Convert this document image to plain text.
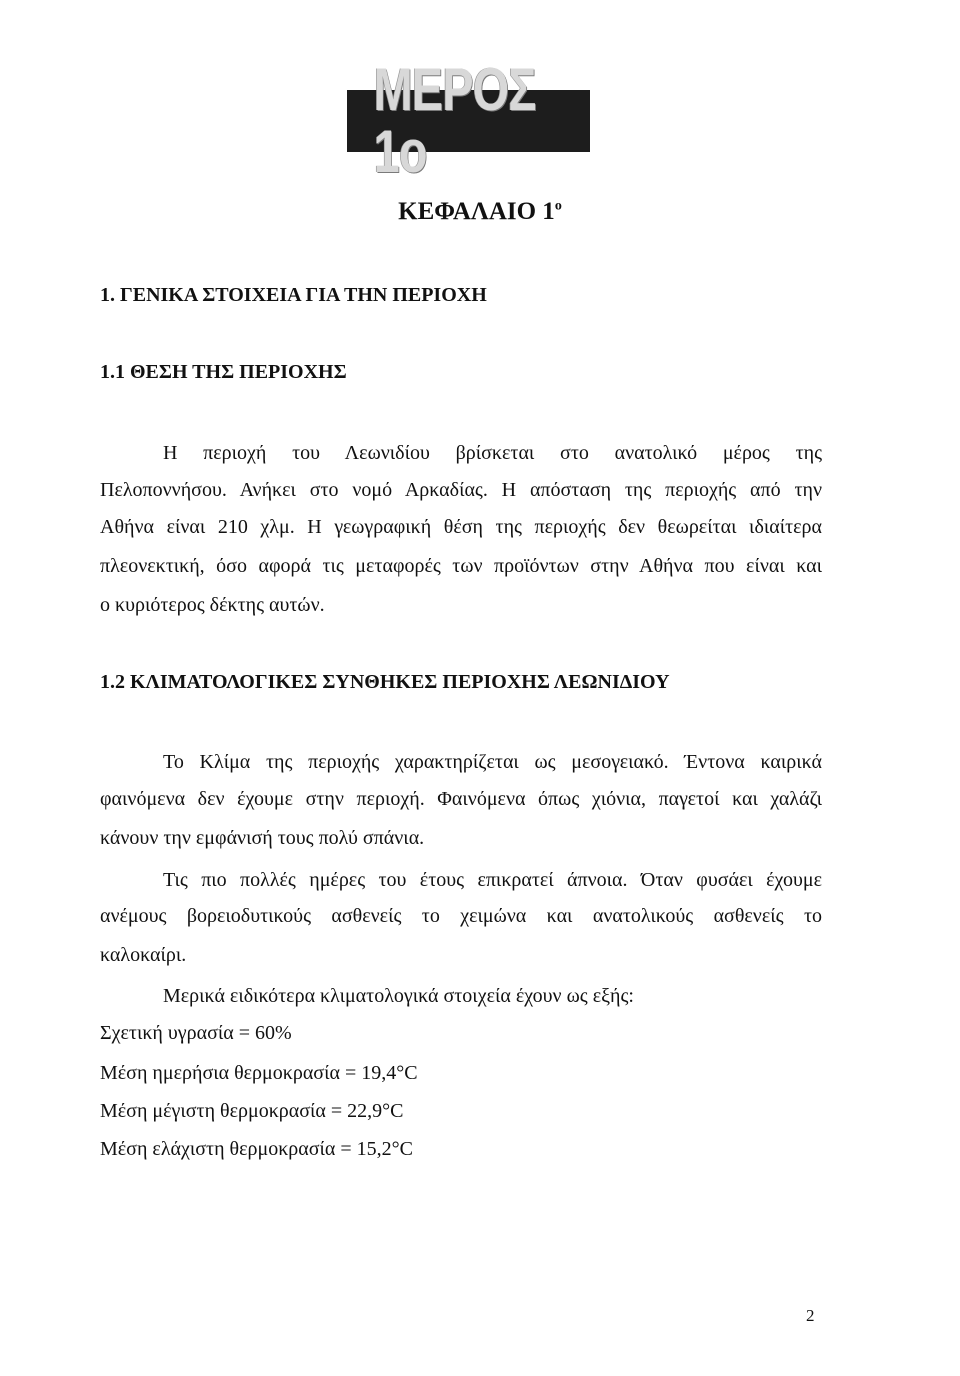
ΜΕΡΟΣ 1ο
ΚΕΦΑΛΑΙΟ $1^o$
1. ΓΕΝΙΚΑ ΣΤΟΙΧΕΙΑ ΓΙΑ ΤΗΝ ΠΕΡΙΟΧΗ
1.1 ΘΕΣΗ ΤΗΣ ΠΕΡΙΟΧΗΣ
Η περιοχή του Λεωνιδίου βρίσκεται στο ανατολικό μέρος της
Πελοποννήσου. Ανήκει στο νομό Αρκαδίας. Η απόσταση της περιοχής από την
Αθήνα είναι 210 χλμ. Η γεωγραφική θέση της περιοχής δεν θεωρείται ιδιαίτερα
πλεονεκτική, όσο αφορά τις μεταφορές των προϊόντων στην Αθήνα που είναι και
ο κυριότερος δέκτης αυτών.
1.2 ΚΛΙΜΑΤΟΛΟΓΙΚΕΣ ΣΥΝΘΗΚΕΣ ΠΕΡΙΟΧΗΣ ΛΕΩΝΙΔΙΟΥ
Το Κλίμα της περιοχής χαρακτηρίζεται ως μεσογειακό. Έντονα καιρικά
φαινόμενα δεν έχουμε στην περιοχή. Φαινόμενα όπως χιόνια, παγετοί και χαλάζι
κάνουν την εμφάνισή τους πολύ σπάνια.
Τις πιο πολλές ημέρες του έτους επικρατεί άπνοια. Όταν φυσάει έχουμε
ανέμους βορειοδυτικούς ασθενείς το χειμώνα και ανατολικούς ασθενείς το
καλοκαίρι.
Μερικά ειδικότερα κλιματολογικά στοιχεία έχουν ως εξής:
Σχετική υγρασία = 60%
Μέση ημερήσια θερμοκρασία = 19,4°C
Μέση μέγιστη θερμοκρασία = 22,9°C
Μέση ελάχιστη θερμοκρασία = 15,2°C
2
